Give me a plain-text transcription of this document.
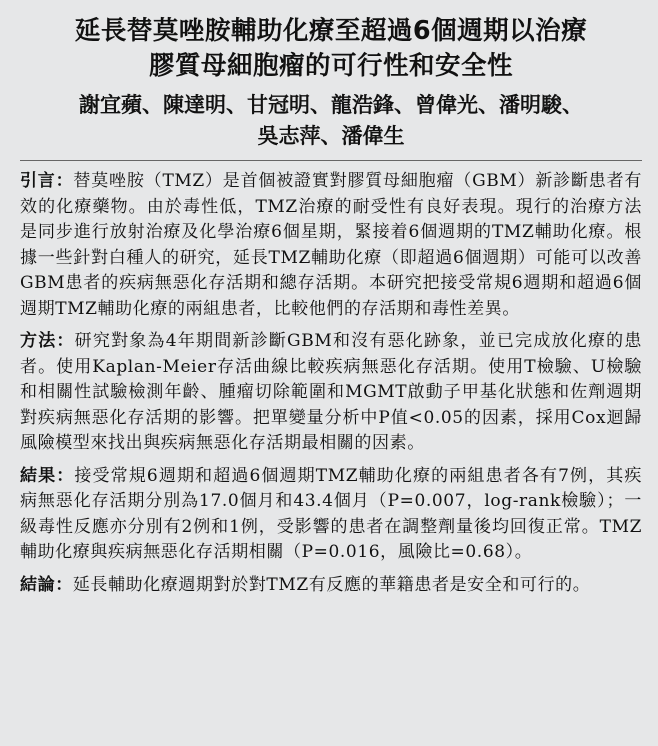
延長替莫唑胺輔助化療至超過6個週期以治療
膠質母細胞瘤的可行性和安全性
謝宜蘋、陳達明、甘冠明、龍浩鋒、曾偉光、潘明駿、
吳志萍、潘偉生

引言：替莫唑胺（TMZ）是首個被證實對膠質母細胞瘤（GBM）新診斷患者有效的化療藥物。由於毒性低，TMZ治療的耐受性有良好表現。現行的治療方法是同步進行放射治療及化學治療6個星期，緊接着6個週期的TMZ輔助化療。根據一些針對白種人的研究，延長TMZ輔助化療（即超過6個週期）可能可以改善GBM患者的疾病無惡化存活期和總存活期。本研究把接受常規6週期和超過6個週期TMZ輔助化療的兩組患者，比較他們的存活期和毒性差異。

方法：研究對象為4年期間新診斷GBM和沒有惡化跡象，並已完成放化療的患者。使用Kaplan-Meier存活曲線比較疾病無惡化存活期。使用T檢驗、U檢驗和相關性試驗檢測年齡、腫瘤切除範圍和MGMT啟動子甲基化狀態和佐劑週期對疾病無惡化存活期的影響。把單變量分析中P值<0.05的因素，採用Cox迴歸風險模型來找出與疾病無惡化存活期最相關的因素。

結果：接受常規6週期和超過6個週期TMZ輔助化療的兩組患者各有7例，其疾病無惡化存活期分別為17.0個月和43.4個月（P=0.007，log-rank檢驗）；一級毒性反應亦分別有2例和1例，受影響的患者在調整劑量後均回復正常。TMZ輔助化療與疾病無惡化存活期相關（P=0.016，風險比=0.68）。

結論：延長輔助化療週期對於對TMZ有反應的華籍患者是安全和可行的。
